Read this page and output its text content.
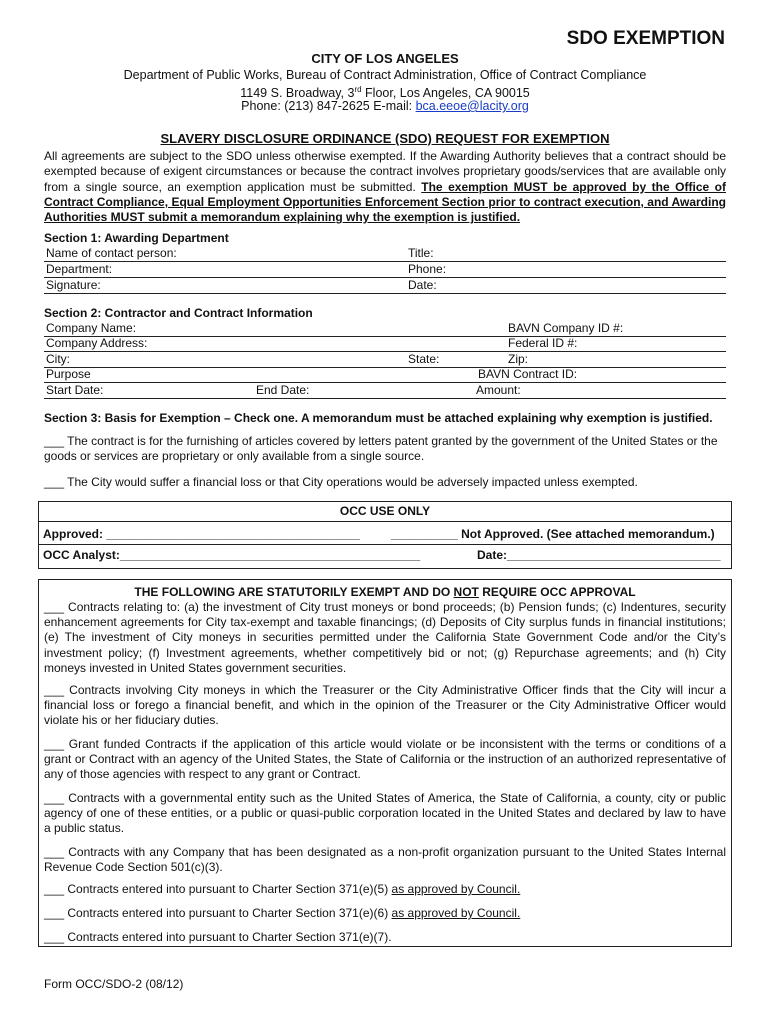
SDO EXEMPTION
CITY OF LOS ANGELES
Department of Public Works, Bureau of Contract Administration, Office of Contract Compliance
1149 S. Broadway, 3rd Floor, Los Angeles, CA 90015
Phone: (213) 847-2625 E-mail: bca.eeoe@lacity.org
SLAVERY DISCLOSURE ORDINANCE (SDO) REQUEST FOR EXEMPTION
All agreements are subject to the SDO unless otherwise exempted. If the Awarding Authority believes that a contract should be exempted because of exigent circumstances or because the contract involves proprietary goods/services that are available only from a single source, an exemption application must be submitted. The exemption MUST be approved by the Office of Contract Compliance, Equal Employment Opportunities Enforcement Section prior to contract execution, and Awarding Authorities MUST submit a memorandum explaining why the exemption is justified.
Section 1: Awarding Department
Name of contact person:	Title:
Department:	Phone:
Signature:	Date:
Section 2: Contractor and Contract Information
Company Name:	BAVN Company ID #:
Company Address:	Federal ID #:
City:	State:	Zip:
Purpose	BAVN Contract ID:
Start Date:	End Date:	Amount:
Section 3: Basis for Exemption – Check one. A memorandum must be attached explaining why exemption is justified.
___ The contract is for the furnishing of articles covered by letters patent granted by the government of the United States or the goods or services are proprietary or only available from a single source.
___ The City would suffer a financial loss or that City operations would be adversely impacted unless exempted.
OCC USE ONLY
Approved: ______________________________________	__________ Not Approved. (See attached memorandum.)
OCC Analyst:_____________________________________________	Date:________________________________
THE FOLLOWING ARE STATUTORILY EXEMPT AND DO NOT REQUIRE OCC APPROVAL
___ Contracts relating to: (a) the investment of City trust moneys or bond proceeds; (b) Pension funds; (c) Indentures, security enhancement agreements for City tax-exempt and taxable financings; (d) Deposits of City surplus funds in financial institutions; (e) The investment of City moneys in securities permitted under the California State Government Code and/or the City’s investment policy; (f) Investment agreements, whether competitively bid or not; (g) Repurchase agreements; and (h) City moneys invested in United States government securities.
___ Contracts involving City moneys in which the Treasurer or the City Administrative Officer finds that the City will incur a financial loss or forego a financial benefit, and which in the opinion of the Treasurer or the City Administrative Officer would violate his or her fiduciary duties.
___ Grant funded Contracts if the application of this article would violate or be inconsistent with the terms or conditions of a grant or Contract with an agency of the United States, the State of California or the instruction of an authorized representative of any of those agencies with respect to any grant or Contract.
___ Contracts with a governmental entity such as the United States of America, the State of California, a county, city or public agency of one of these entities, or a public or quasi-public corporation located in the United States and declared by law to have a public status.
___ Contracts with any Company that has been designated as a non-profit organization pursuant to the United States Internal Revenue Code Section 501(c)(3).
___ Contracts entered into pursuant to Charter Section 371(e)(5) as approved by Council.
___ Contracts entered into pursuant to Charter Section 371(e)(6) as approved by Council.
___ Contracts entered into pursuant to Charter Section 371(e)(7).
Form OCC/SDO-2 (08/12)
